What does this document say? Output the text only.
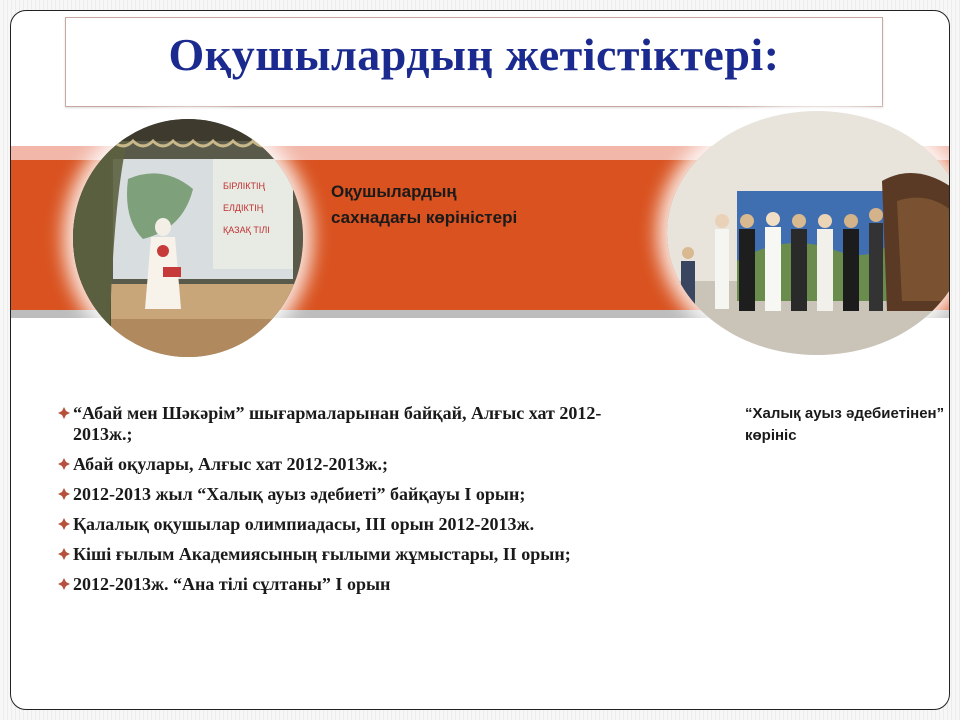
Оқушылардың жетістіктері:
БІРЛІКТІҢ
ЕЛДІКТІҢ
ҚАЗАҚ ТІЛІ
Оқушылардың сахнадағы көріністері
“Халық ауыз әдебиетінен” көрініс
“Абай мен Шәкәрім” шығармаларынан байқай, Алғыс хат 2012-2013ж.;
Абай оқулары, Алғыс хат 2012-2013ж.;
2012-2013 жыл “Халық ауыз әдебиеті” байқауы І орын;
Қалалық оқушылар олимпиадасы, ІІІ орын 2012-2013ж.
Кіші ғылым Академиясының ғылыми жұмыстары, ІІ орын;
2012-2013ж. “Ана тілі сұлтаны” І орын
